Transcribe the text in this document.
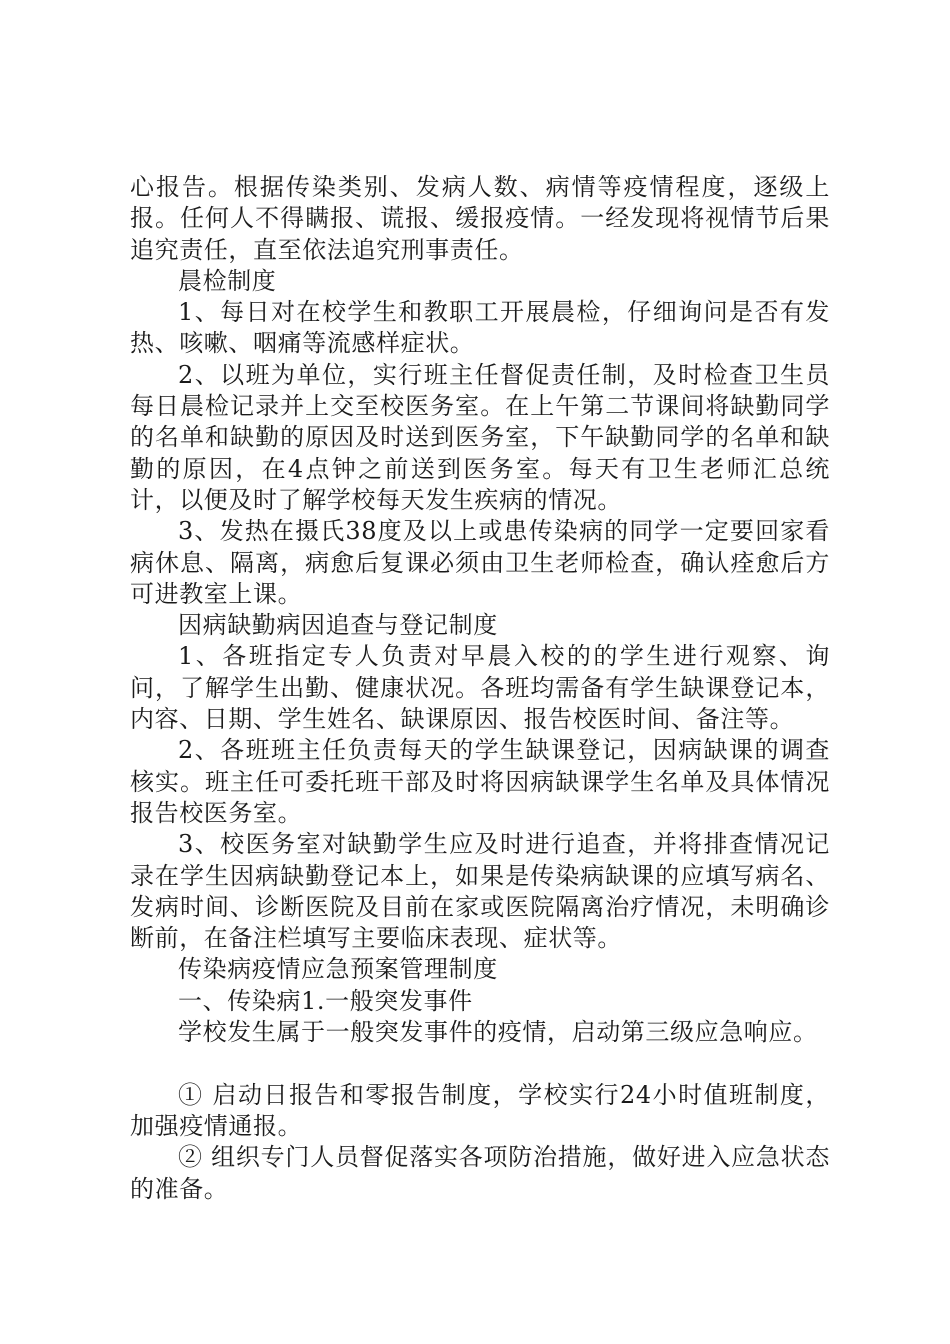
心报告。根据传染类别、发病人数、病情等疫情程度，逐级上报。任何人不得瞒报、谎报、缓报疫情。一经发现将视情节后果追究责任，直至依法追究刑事责任。

晨检制度

1、每日对在校学生和教职工开展晨检，仔细询问是否有发热、咳嗽、咽痛等流感样症状。

2、以班为单位，实行班主任督促责任制，及时检查卫生员每日晨检记录并上交至校医务室。在上午第二节课间将缺勤同学的名单和缺勤的原因及时送到医务室，下午缺勤同学的名单和缺勤的原因，在4点钟之前送到医务室。每天有卫生老师汇总统计，以便及时了解学校每天发生疾病的情况。

3、发热在摄氏38度及以上或患传染病的同学一定要回家看病休息、隔离，病愈后复课必须由卫生老师检查，确认痊愈后方可进教室上课。

因病缺勤病因追查与登记制度

1、各班指定专人负责对早晨入校的的学生进行观察、询问，了解学生出勤、健康状况。各班均需备有学生缺课登记本，内容、日期、学生姓名、缺课原因、报告校医时间、备注等。

2、各班班主任负责每天的学生缺课登记，因病缺课的调查核实。班主任可委托班干部及时将因病缺课学生名单及具体情况报告校医务室。

3、校医务室对缺勤学生应及时进行追查，并将排查情况记录在学生因病缺勤登记本上，如果是传染病缺课的应填写病名、发病时间、诊断医院及目前在家或医院隔离治疗情况，未明确诊断前，在备注栏填写主要临床表现、症状等。

传染病疫情应急预案管理制度

一、传染病1.一般突发事件

学校发生属于一般突发事件的疫情，启动第三级应急响应。

① 启动日报告和零报告制度，学校实行24小时值班制度，加强疫情通报。

② 组织专门人员督促落实各项防治措施，做好进入应急状态的准备。
